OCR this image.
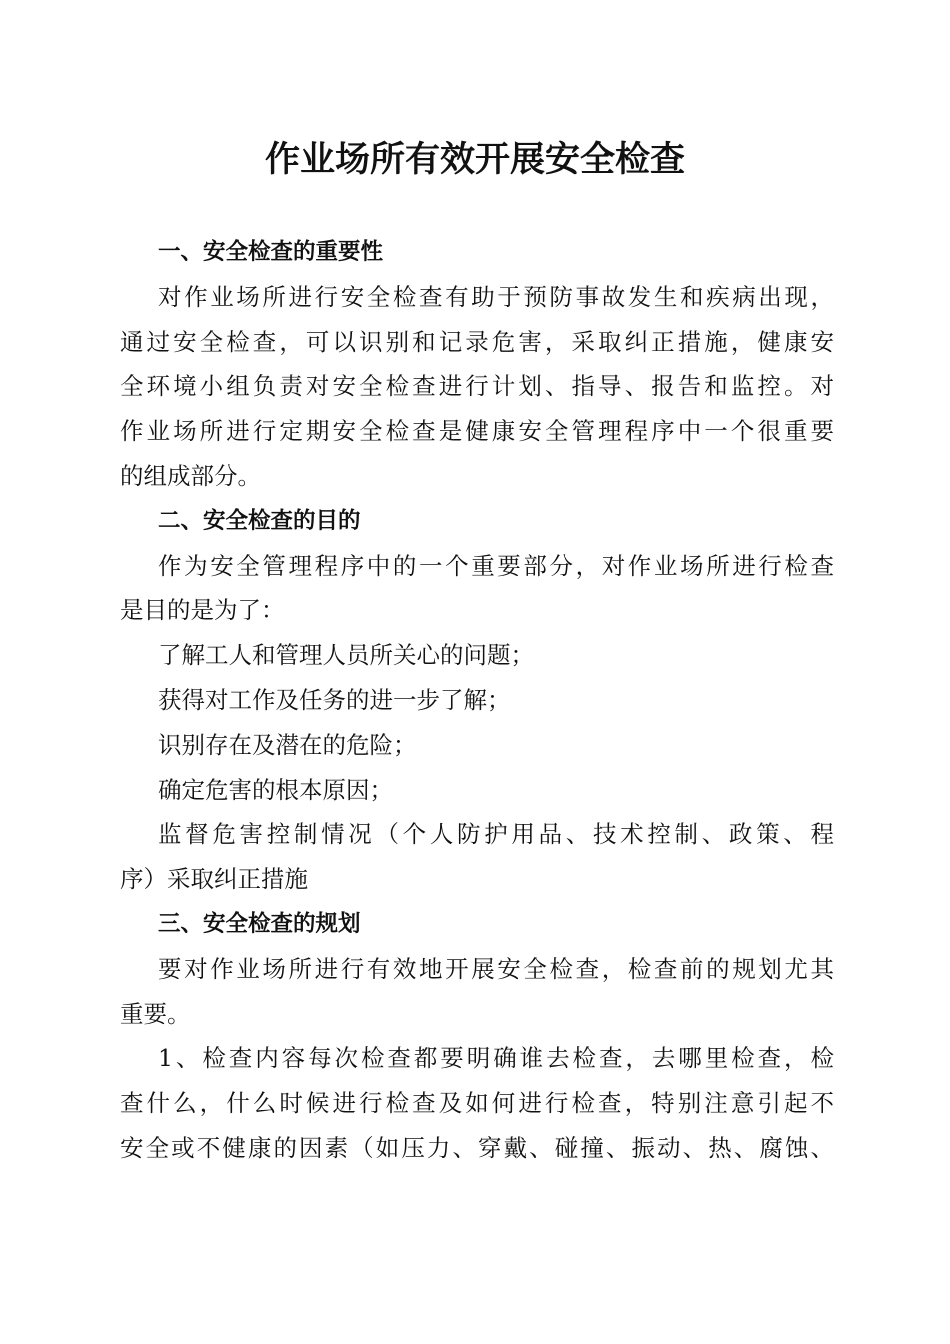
作业场所有效开展安全检查
一、安全检查的重要性
对作业场所进行安全检查有助于预防事故发生和疾病出现，
通过安全检查，可以识别和记录危害，采取纠正措施，健康安
全环境小组负责对安全检查进行计划、指导、报告和监控。对
作业场所进行定期安全检查是健康安全管理程序中一个很重要
的组成部分。
二、安全检查的目的
作为安全管理程序中的一个重要部分，对作业场所进行检查
是目的是为了：
了解工人和管理人员所关心的问题；
获得对工作及任务的进一步了解；
识别存在及潜在的危险；
确定危害的根本原因；
监督危害控制情况（个人防护用品、技术控制、政策、程
序）采取纠正措施
三、安全检查的规划
要对作业场所进行有效地开展安全检查，检查前的规划尤其
重要。
1、检查内容每次检查都要明确谁去检查，去哪里检查，检
查什么，什么时候进行检查及如何进行检查，特别注意引起不
安全或不健康的因素（如压力、穿戴、碰撞、振动、热、腐蚀、
